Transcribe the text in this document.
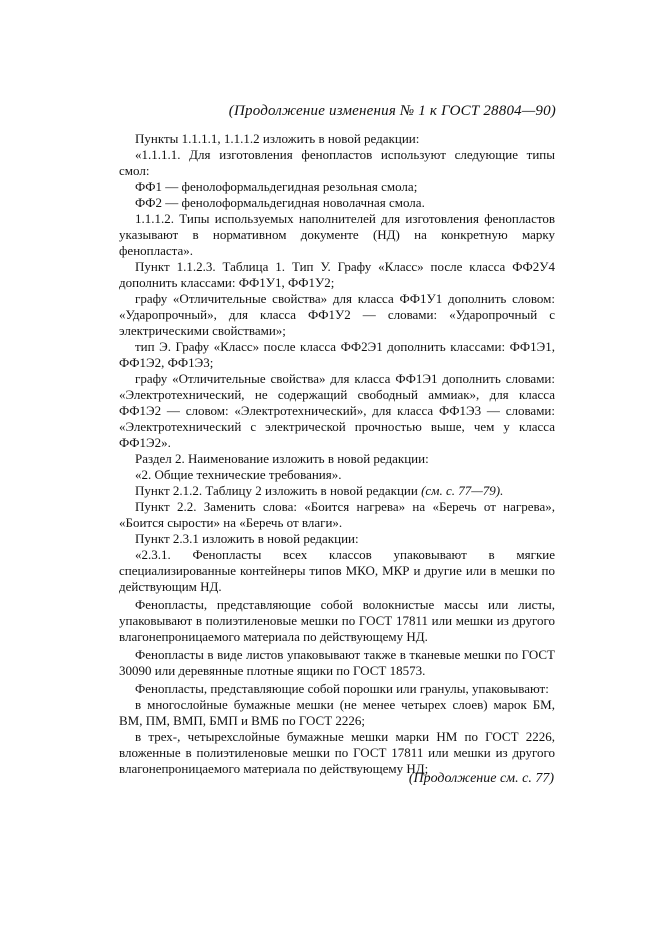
(Продолжение изменения № 1 к ГОСТ 28804—90)

Пункты 1.1.1.1, 1.1.1.2 изложить в новой редакции:

«1.1.1.1. Для изготовления фенопластов используют следующие типы смол:

ФФ1 — фенолоформальдегидная резольная смола;

ФФ2 — фенолоформальдегидная новолачная смола.

1.1.1.2. Типы используемых наполнителей для изготовления фенопластов указывают в нормативном документе (НД) на конкретную марку фенопласта».

Пункт 1.1.2.3. Таблица 1. Тип У. Графу «Класс» после класса ФФ2У4 дополнить классами: ФФ1У1, ФФ1У2;

графу «Отличительные свойства» для класса ФФ1У1 дополнить словом: «Ударопрочный», для класса ФФ1У2 — словами: «Ударопрочный с электрическими свойствами»;

тип Э. Графу «Класс» после класса ФФ2Э1 дополнить классами: ФФ1Э1, ФФ1Э2, ФФ1Э3;

графу «Отличительные свойства» для класса ФФ1Э1 дополнить словами: «Электротехнический, не содержащий свободный аммиак», для класса ФФ1Э2 — словом: «Электротехнический», для класса ФФ1Э3 — словами: «Электротехнический с электрической прочностью выше, чем у класса ФФ1Э2».

Раздел 2. Наименование изложить в новой редакции:

«2. Общие технические требования».

Пункт 2.1.2. Таблицу 2 изложить в новой редакции (см. с. 77—79).

Пункт 2.2. Заменить слова: «Боится нагрева» на «Беречь от нагрева», «Боится сырости» на «Беречь от влаги».

Пункт 2.3.1 изложить в новой редакции:

«2.3.1. Фенопласты всех классов упаковывают в мягкие специализированные контейнеры типов МКО, МКР и другие или в мешки по действующим НД.

Фенопласты, представляющие собой волокнистые массы или листы, упаковывают в полиэтиленовые мешки по ГОСТ 17811 или мешки из другого влагонепроницаемого материала по действующему НД.

Фенопласты в виде листов упаковывают также в тканевые мешки по ГОСТ 30090 или деревянные плотные ящики по ГОСТ 18573.

Фенопласты, представляющие собой порошки или гранулы, упаковывают:

в многослойные бумажные мешки (не менее четырех слоев) марок БМ, ВМ, ПМ, ВМП, БМП и ВМБ по ГОСТ 2226;

в трех-, четырехслойные бумажные мешки марки НМ по ГОСТ 2226, вложенные в полиэтиленовые мешки по ГОСТ 17811 или мешки из другого влагонепроницаемого материала по действующему НД;

(Продолжение см. с. 77)
